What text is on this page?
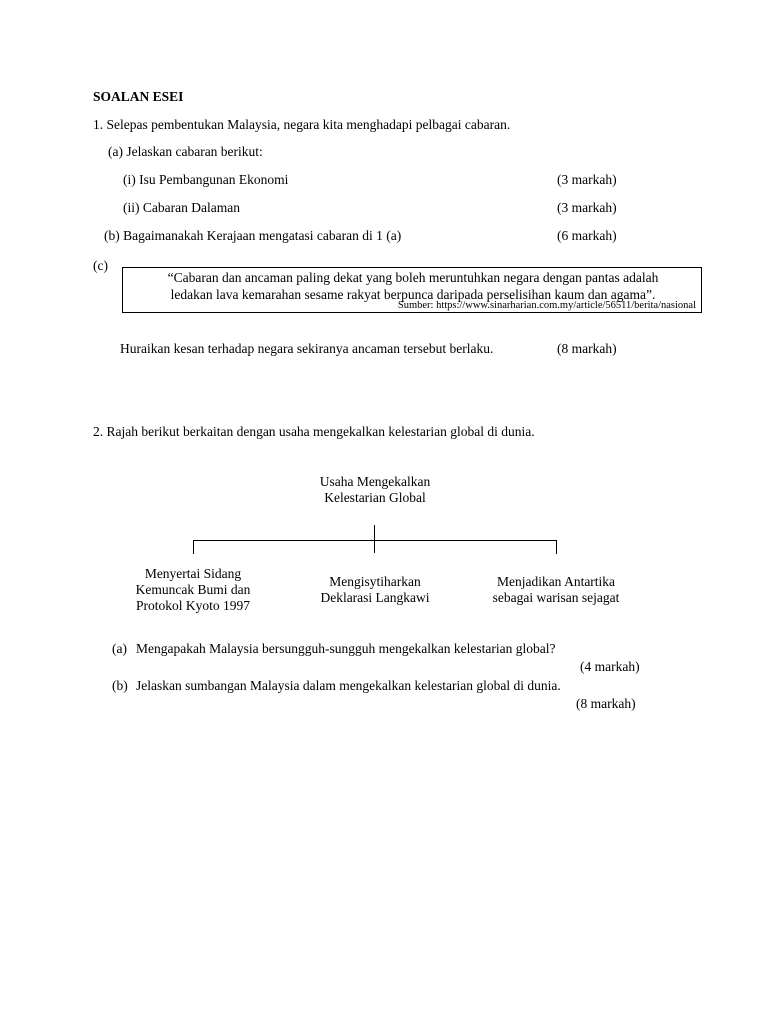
SOALAN ESEI
1. Selepas pembentukan Malaysia, negara kita menghadapi pelbagai cabaran.
(a) Jelaskan cabaran berikut:
(i) Isu Pembangunan Ekonomi	(3 markah)
(ii) Cabaran Dalaman	(3 markah)
(b) Bagaimanakah Kerajaan mengatasi cabaran di 1 (a)	(6 markah)
(c)
“Cabaran dan ancaman paling dekat yang boleh meruntuhkan negara dengan pantas adalah
ledakan lava kemarahan sesame rakyat berpunca daripada perselisihan kaum dan agama”.
Sumber: https://www.sinarharian.com.my/article/56511/berita/nasional
Huraikan kesan terhadap negara sekiranya ancaman tersebut berlaku.	(8 markah)
2. Rajah berikut berkaitan dengan usaha mengekalkan kelestarian global di dunia.
Usaha Mengekalkan
Kelestarian Global
Menyertai Sidang
Kemuncak Bumi dan
Protokol Kyoto 1997
Mengisytiharkan
Deklarasi Langkawi
Menjadikan Antartika
sebagai warisan sejagat
(a) Mengapakah Malaysia bersungguh-sungguh mengekalkan kelestarian global?
(4 markah)
(b) Jelaskan sumbangan Malaysia dalam mengekalkan kelestarian global di dunia.
(8 markah)
